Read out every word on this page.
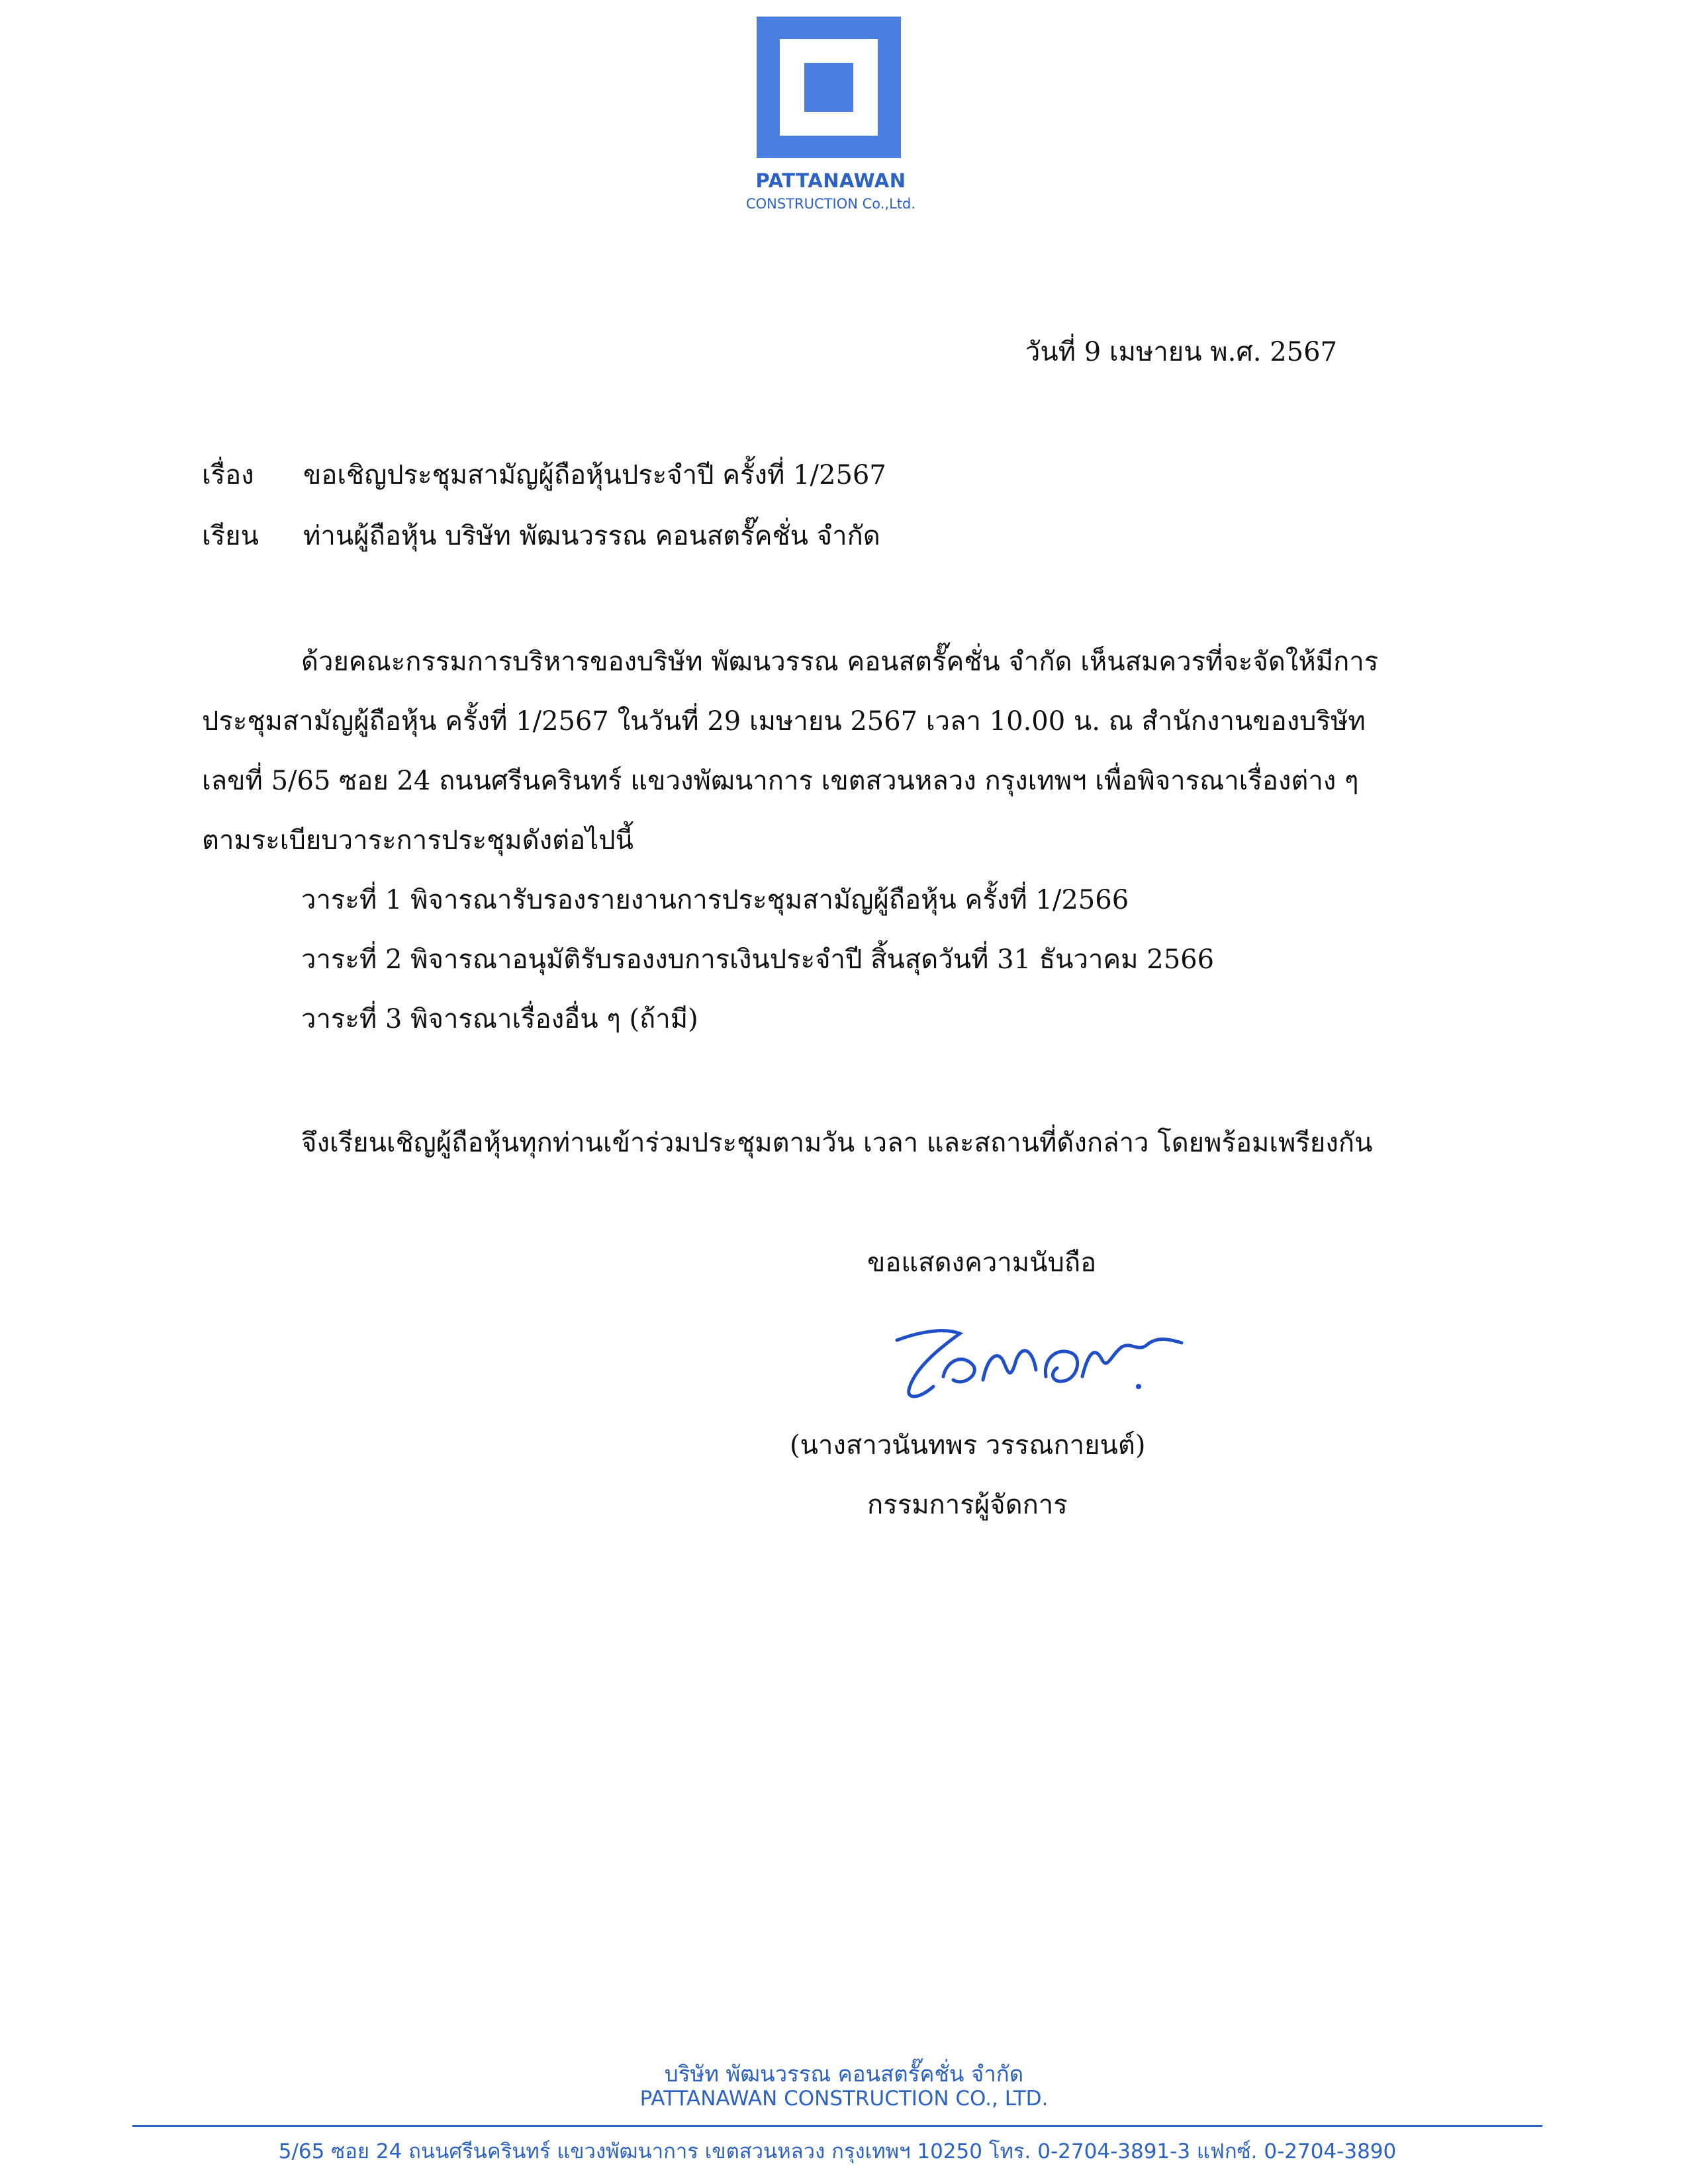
PATTANAWAN
CONSTRUCTION Co.,Ltd.
วันที่ 9 เมษายน พ.ศ. 2567
เรื่อง ขอเชิญประชุมสามัญผู้ถือหุ้นประจำปี ครั้งที่ 1/2567
เรียน ท่านผู้ถือหุ้น บริษัท พัฒนวรรณ คอนสตรั๊คชั่น จำกัด
ด้วยคณะกรรมการบริหารของบริษัท พัฒนวรรณ คอนสตรั๊คชั่น จำกัด เห็นสมควรที่จะจัดให้มีการ
ประชุมสามัญผู้ถือหุ้น ครั้งที่ 1/2567 ในวันที่ 29 เมษายน 2567 เวลา 10.00 น. ณ สำนักงานของบริษัท
เลขที่ 5/65 ซอย 24 ถนนศรีนครินทร์ แขวงพัฒนาการ เขตสวนหลวง กรุงเทพฯ เพื่อพิจารณาเรื่องต่าง ๆ
ตามระเบียบวาระการประชุมดังต่อไปนี้
วาระที่ 1 พิจารณารับรองรายงานการประชุมสามัญผู้ถือหุ้น ครั้งที่ 1/2566
วาระที่ 2 พิจารณาอนุมัติรับรองงบการเงินประจำปี สิ้นสุดวันที่ 31 ธันวาคม 2566
วาระที่ 3 พิจารณาเรื่องอื่น ๆ (ถ้ามี)
จึงเรียนเชิญผู้ถือหุ้นทุกท่านเข้าร่วมประชุมตามวัน เวลา และสถานที่ดังกล่าว โดยพร้อมเพรียงกัน
ขอแสดงความนับถือ
(นางสาวนันทพร วรรณกายนต์)
กรรมการผู้จัดการ
บริษัท พัฒนวรรณ คอนสตรั๊คชั่น จำกัด
PATTANAWAN CONSTRUCTION CO., LTD.
5/65 ซอย 24 ถนนศรีนครินทร์ แขวงพัฒนาการ เขตสวนหลวง กรุงเทพฯ 10250 โทร. 0-2704-3891-3 แฟกซ์. 0-2704-3890
